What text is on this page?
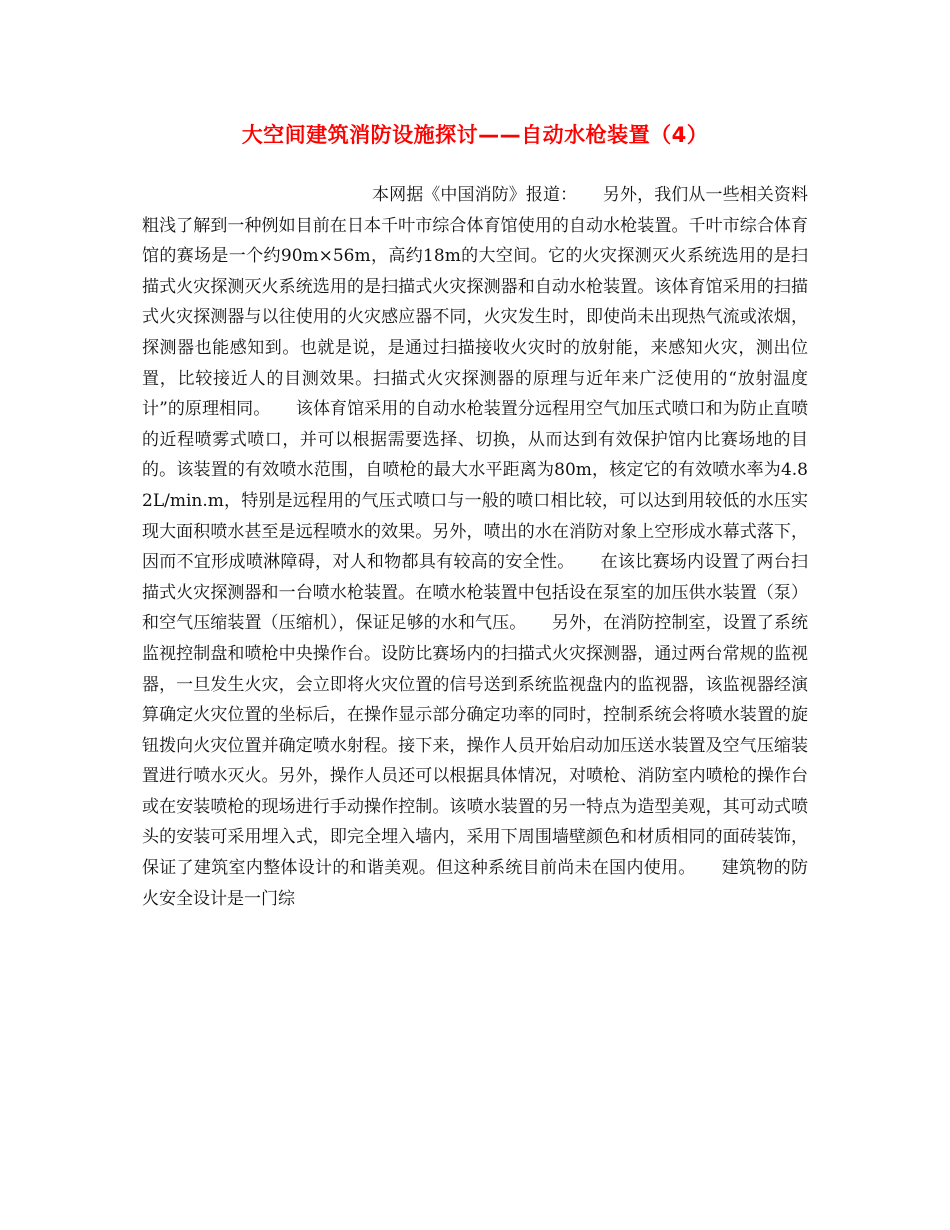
大空间建筑消防设施探讨——自动水枪装置（4）

本网据《中国消防》报道：　　另外，我们从一些相关资料粗浅了解到一种例如目前在日本千叶市综合体育馆使用的自动水枪装置。千叶市综合体育馆的赛场是一个约90m×56m，高约18m的大空间。它的火灾探测灭火系统选用的是扫描式火灾探测灭火系统选用的是扫描式火灾探测器和自动水枪装置。该体育馆采用的扫描式火灾探测器与以往使用的火灾感应器不同，火灾发生时，即使尚未出现热气流或浓烟，探测器也能感知到。也就是说，是通过扫描接收火灾时的放射能，来感知火灾，测出位置，比较接近人的目测效果。扫描式火灾探测器的原理与近年来广泛使用的“放射温度计”的原理相同。　　该体育馆采用的自动水枪装置分远程用空气加压式喷口和为防止直喷的近程喷雾式喷口，并可以根据需要选择、切换，从而达到有效保护馆内比赛场地的目的。该装置的有效喷水范围，自喷枪的最大水平距离为80m，核定它的有效喷水率为4.82L/min.m，特别是远程用的气压式喷口与一般的喷口相比较，可以达到用较低的水压实现大面积喷水甚至是远程喷水的效果。另外，喷出的水在消防对象上空形成水幕式落下，因而不宜形成喷淋障碍，对人和物都具有较高的安全性。　　在该比赛场内设置了两台扫描式火灾探测器和一台喷水枪装置。在喷水枪装置中包括设在泵室的加压供水装置（泵）和空气压缩装置（压缩机），保证足够的水和气压。　　另外，在消防控制室，设置了系统监视控制盘和喷枪中央操作台。设防比赛场内的扫描式火灾探测器，通过两台常规的监视器，一旦发生火灾，会立即将火灾位置的信号送到系统监视盘内的监视器，该监视器经演算确定火灾位置的坐标后，在操作显示部分确定功率的同时，控制系统会将喷水装置的旋钮拨向火灾位置并确定喷水射程。接下来，操作人员开始启动加压送水装置及空气压缩装置进行喷水灭火。另外，操作人员还可以根据具体情况，对喷枪、消防室内喷枪的操作台或在安装喷枪的现场进行手动操作控制。该喷水装置的另一特点为造型美观，其可动式喷头的安装可采用埋入式，即完全埋入墙内，采用下周围墙壁颜色和材质相同的面砖装饰，保证了建筑室内整体设计的和谐美观。但这种系统目前尚未在国内使用。　　建筑物的防火安全设计是一门综
